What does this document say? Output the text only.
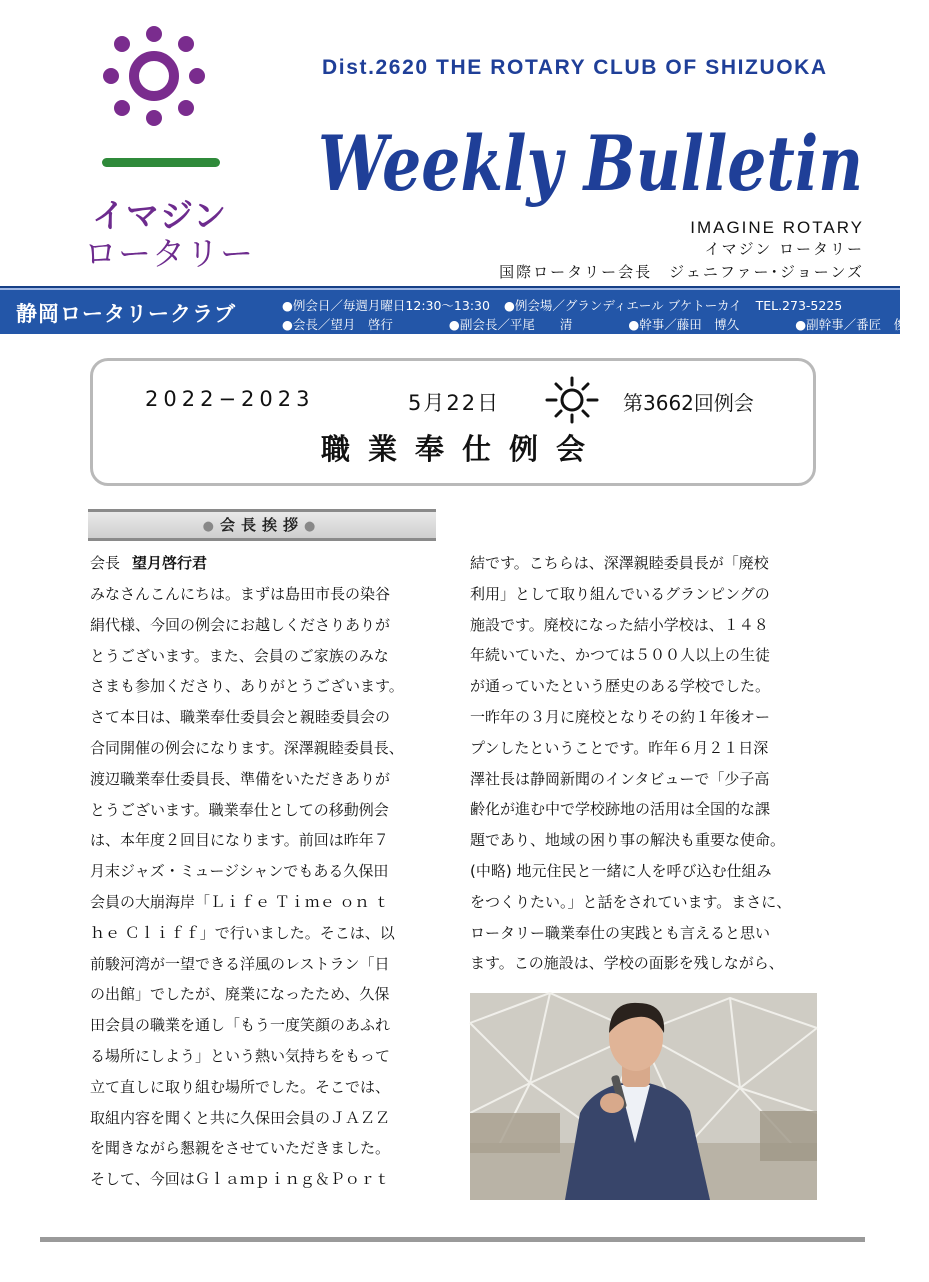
イマジン
ロータリー
Dist.2620 THE ROTARY CLUB OF SHIZUOKA
Weekly Bulletin
IMAGINE ROTARY
イマジン ロータリー
国際ロータリー会長　ジェニファー･ジョーンズ
静岡ロータリークラブ	●例会日／毎週月曜日12:30〜13:30 ●例会場／グランディエール ブケトーカイ TEL.273-5225
●会長／望月　啓行	●副会長／平尾　　清	●幹事／藤田　博久	●副幹事／番匠　俊行
2022−2023	5月22日	第3662回例会
職業奉仕例会
●会長挨拶●
会長 望月啓行君

みなさんこんにちは。まずは島田市長の染谷

絹代様、今回の例会にお越しくださりありが

とうございます。また、会員のご家族のみな

さまも参加くださり、ありがとうございます。

さて本日は、職業奉仕委員会と親睦委員会の

合同開催の例会になります。深澤親睦委員長、

渡辺職業奉仕委員長、準備をいただきありが

とうございます。職業奉仕としての移動例会

は、本年度２回目になります。前回は昨年７

月末ジャズ・ミュージシャンでもある久保田

会員の大崩海岸「Ｌｉｆｅ Ｔｉｍｅ ｏｎ ｔ

ｈｅ Ｃｌｉｆｆ」で行いました。そこは、以

前駿河湾が一望できる洋風のレストラン「日

の出館」でしたが、廃業になったため、久保

田会員の職業を通し「もう一度笑顔のあふれ

る場所にしよう」という熱い気持ちをもって

立て直しに取り組む場所でした。そこでは、

取組内容を聞くと共に久保田会員のＪＡＺＺ

を聞きながら懇親をさせていただきました。

そして、今回はＧｌａｍｐｉｎｇ＆Ｐｏｒｔ

結です。こちらは、深澤親睦委員長が「廃校

利用」として取り組んでいるグランピングの

施設です。廃校になった結小学校は、１４８

年続いていた、かつては５００人以上の生徒

が通っていたという歴史のある学校でした。

一昨年の３月に廃校となりその約１年後オー

プンしたということです。昨年６月２１日深

澤社長は静岡新聞のインタビューで「少子高

齢化が進む中で学校跡地の活用は全国的な課

題であり、地域の困り事の解決も重要な使命。

(中略) 地元住民と一緒に人を呼び込む仕組み

をつくりたい。」と話をされています。まさに、

ロータリー職業奉仕の実践とも言えると思い

ます。この施設は、学校の面影を残しながら、
